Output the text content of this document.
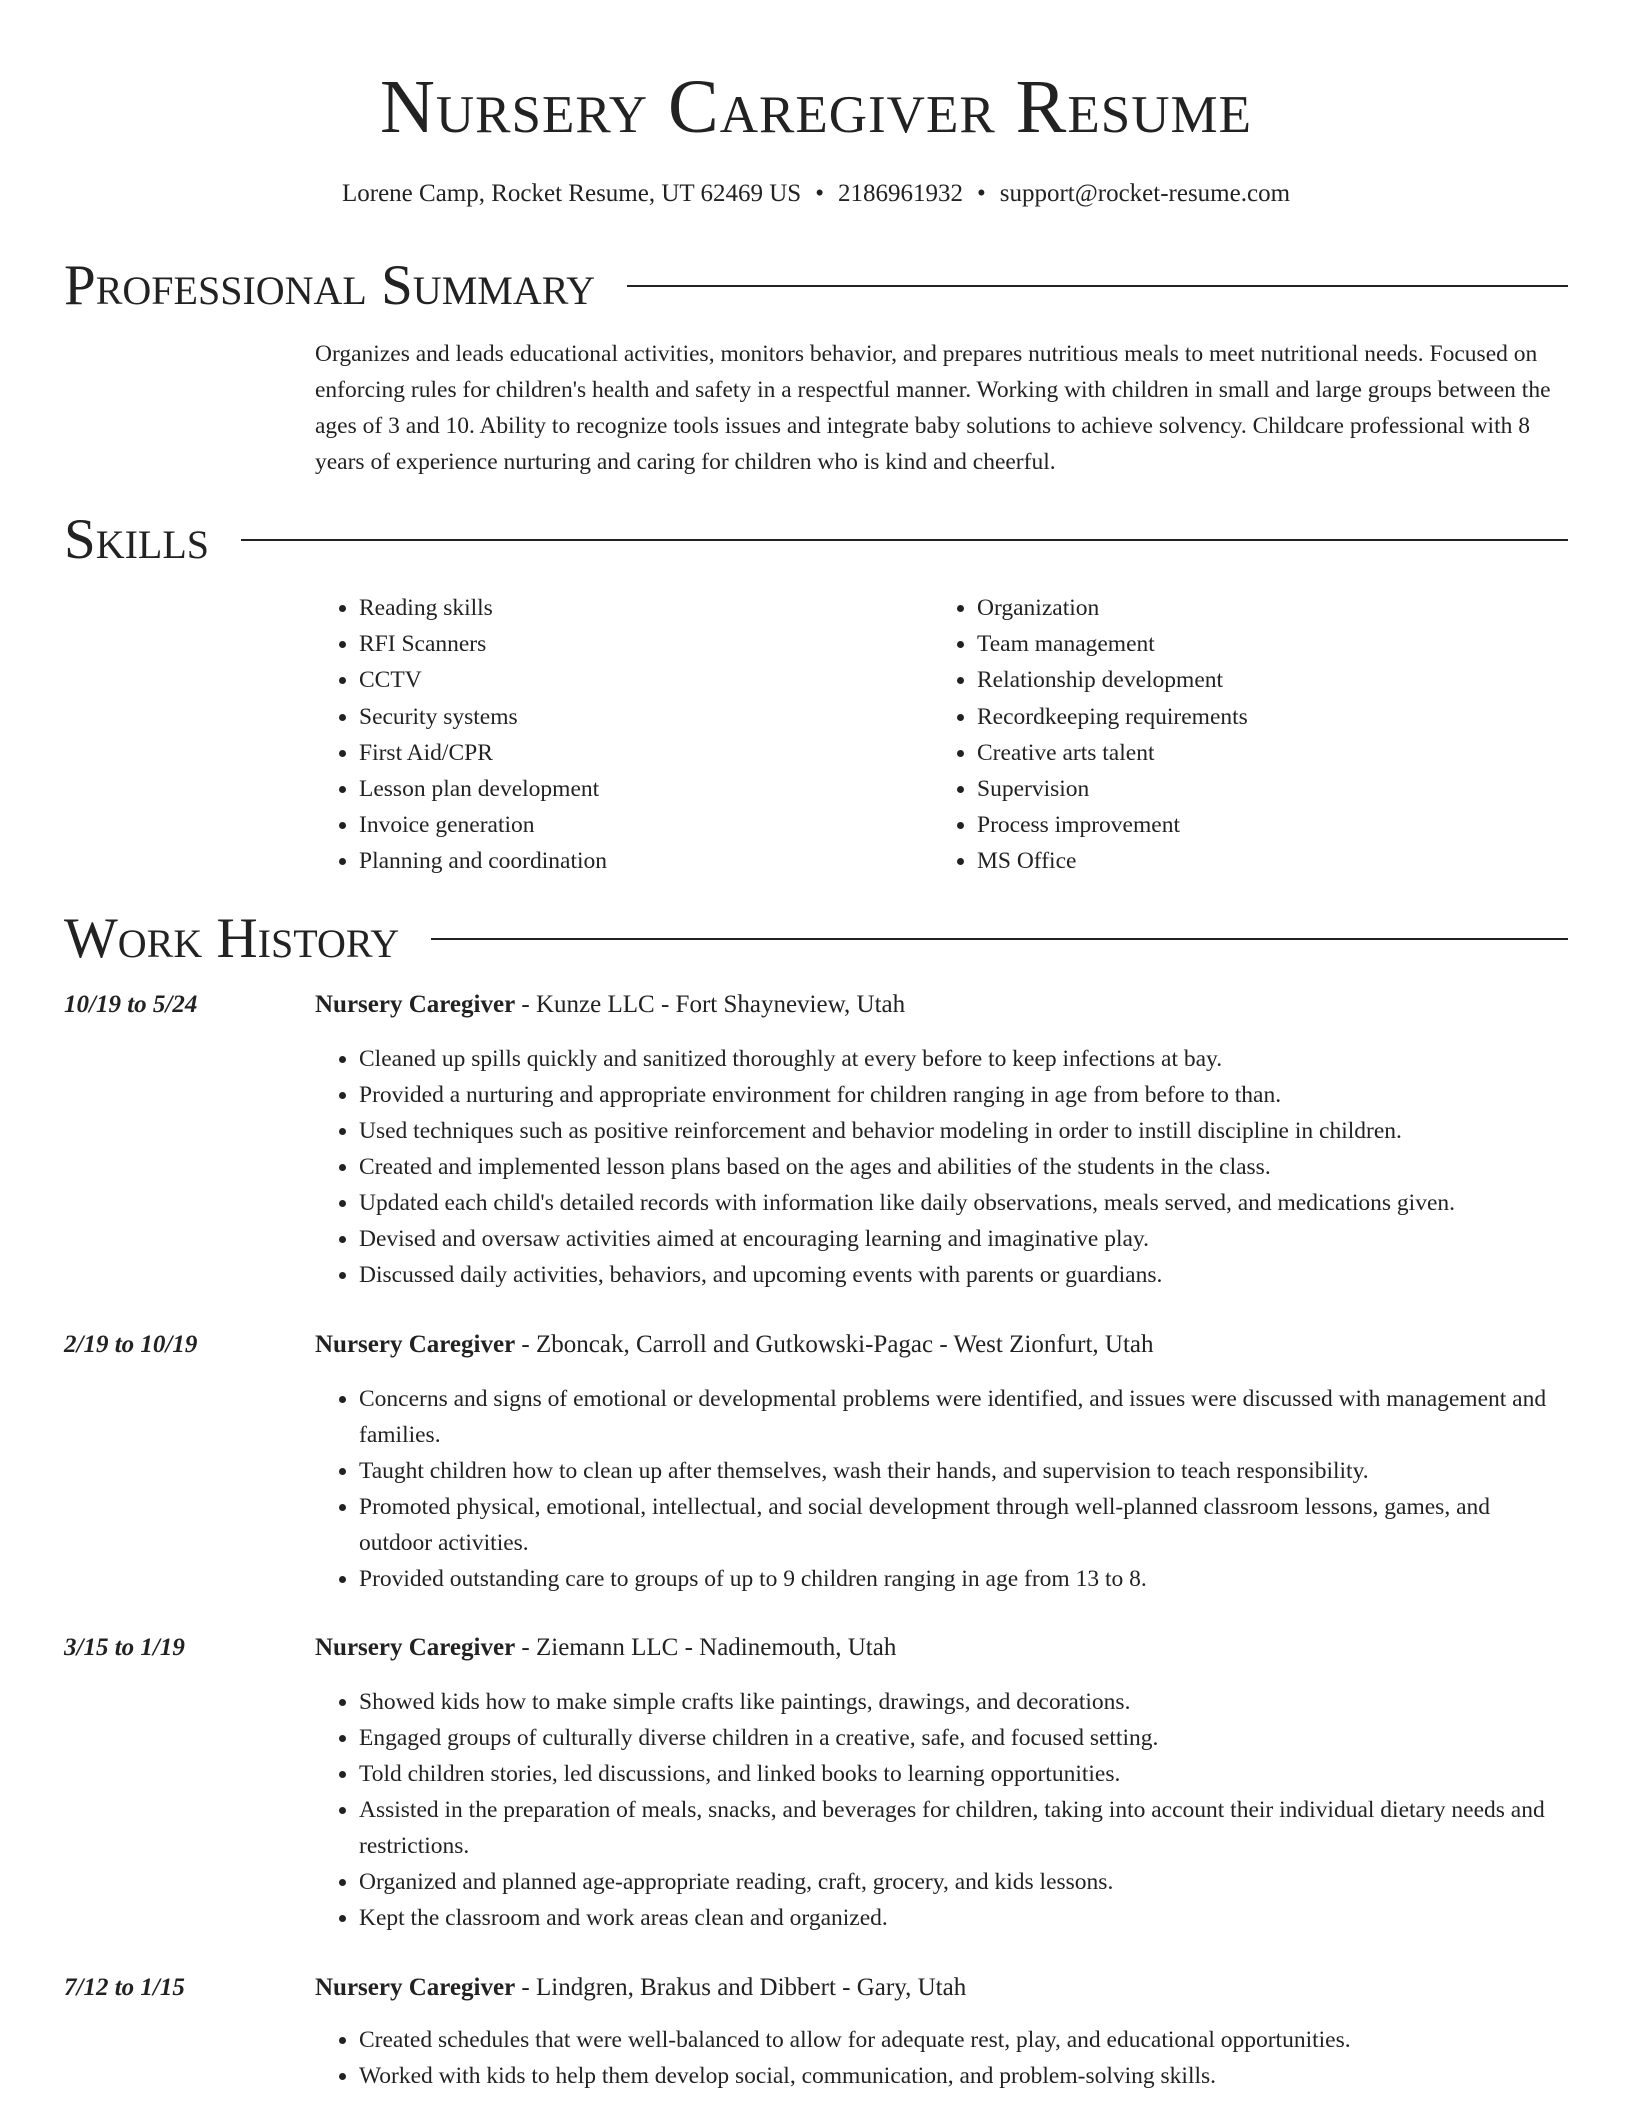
Nursery Caregiver Resume
Lorene Camp, Rocket Resume, UT 62469 US • 2186961932 • support@rocket-resume.com
Professional Summary

Organizes and leads educational activities, monitors behavior, and prepares nutritious meals to meet nutritional needs. Focused on enforcing rules for children's health and safety in a respectful manner. Working with children in small and large groups between the ages of 3 and 10. Ability to recognize tools issues and integrate baby solutions to achieve solvency. Childcare professional with 8 years of experience nurturing and caring for children who is kind and cheerful.

Skills
• Reading skills
• RFI Scanners
• CCTV
• Security systems
• First Aid/CPR
• Lesson plan development
• Invoice generation
• Planning and coordination
• Organization
• Team management
• Relationship development
• Recordkeeping requirements
• Creative arts talent
• Supervision
• Process improvement
• MS Office
Work History
10/19 to 5/24	Nursery Caregiver - Kunze LLC - Fort Shayneview, Utah
• Cleaned up spills quickly and sanitized thoroughly at every before to keep infections at bay.
• Provided a nurturing and appropriate environment for children ranging in age from before to than.
• Used techniques such as positive reinforcement and behavior modeling in order to instill discipline in children.
• Created and implemented lesson plans based on the ages and abilities of the students in the class.
• Updated each child's detailed records with information like daily observations, meals served, and medications given.
• Devised and oversaw activities aimed at encouraging learning and imaginative play.
• Discussed daily activities, behaviors, and upcoming events with parents or guardians.
2/19 to 10/19	Nursery Caregiver - Zboncak, Carroll and Gutkowski-Pagac - West Zionfurt, Utah
• Concerns and signs of emotional or developmental problems were identified, and issues were discussed with management and families.
• Taught children how to clean up after themselves, wash their hands, and supervision to teach responsibility.
• Promoted physical, emotional, intellectual, and social development through well-planned classroom lessons, games, and outdoor activities.
• Provided outstanding care to groups of up to 9 children ranging in age from 13 to 8.
3/15 to 1/19	Nursery Caregiver - Ziemann LLC - Nadinemouth, Utah
• Showed kids how to make simple crafts like paintings, drawings, and decorations.
• Engaged groups of culturally diverse children in a creative, safe, and focused setting.
• Told children stories, led discussions, and linked books to learning opportunities.
• Assisted in the preparation of meals, snacks, and beverages for children, taking into account their individual dietary needs and restrictions.
• Organized and planned age-appropriate reading, craft, grocery, and kids lessons.
• Kept the classroom and work areas clean and organized.
7/12 to 1/15	Nursery Caregiver - Lindgren, Brakus and Dibbert - Gary, Utah
• Created schedules that were well-balanced to allow for adequate rest, play, and educational opportunities.
• Worked with kids to help them develop social, communication, and problem-solving skills.
